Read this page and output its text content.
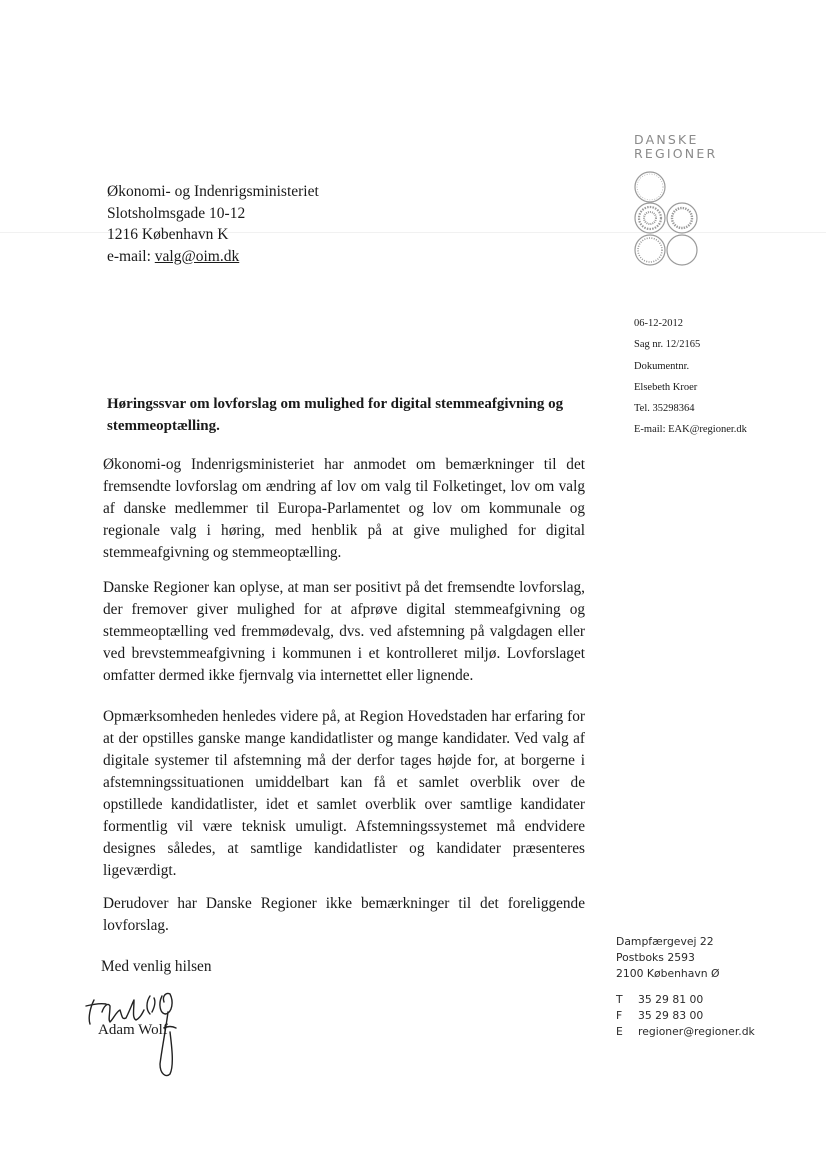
DANSKE
REGIONER
Økonomi- og Indenrigsministeriet
Slotsholmsgade 10-12
1216 København K
e-mail: valg@oim.dk
06-12-2012
Sag nr. 12/2165
Dokumentnr.
Elsebeth Kroer
Tel. 35298364
E-mail: EAK@regioner.dk
Høringssvar om lovforslag om mulighed for digital stemmeafgivning og stemmeoptælling.
Økonomi-og Indenrigsministeriet har anmodet om bemærkninger til det fremsendte lovforslag om ændring af lov om valg til Folketinget, lov om valg af danske medlemmer til Europa-Parlamentet og lov om kommunale og regionale valg i høring, med henblik på at give mulighed for digital stemmeafgivning og stemmeoptælling.
Danske Regioner kan oplyse, at man ser positivt på det fremsendte lovforslag, der fremover giver mulighed for at afprøve digital stemmeafgivning og stemmeoptælling ved fremmødevalg, dvs. ved afstemning på valgdagen eller ved brevstemmeafgivning i kommunen i et kontrolleret miljø. Lovforslaget omfatter dermed ikke fjernvalg via internettet eller lignende.
Opmærksomheden henledes videre på, at Region Hovedstaden har erfaring for at der opstilles ganske mange kandidatlister og mange kandidater. Ved valg af digitale systemer til afstemning må der derfor tages højde for, at borgerne i afstemningssituationen umiddelbart kan få et samlet overblik over de opstillede kandidatlister, idet et samlet overblik over samtlige kandidater formentlig vil være teknisk umuligt. Afstemningssystemet må endvidere designes således, at samtlige kandidatlister og kandidater præsenteres ligeværdigt.
Derudover har Danske Regioner ikke bemærkninger til det foreliggende lovforslag.
Med venlig hilsen
Adam Wolf
Dampfærgevej 22
Postboks 2593
2100 København Ø
T	35 29 81 00
F	35 29 83 00
E	regioner@regioner.dk
